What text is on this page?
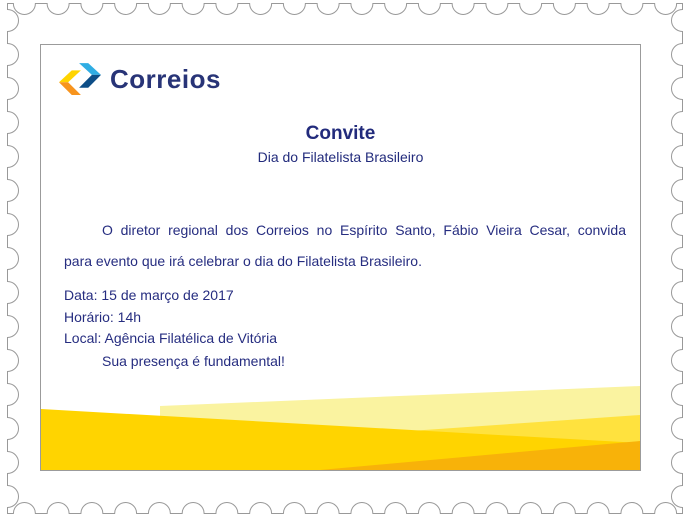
Correios
Convite
Dia do Filatelista Brasileiro
O diretor regional dos Correios no Espírito Santo, Fábio Vieira Cesar, convida
para evento que irá celebrar o dia do Filatelista Brasileiro.
Data: 15 de março de 2017
Horário: 14h
Local: Agência Filatélica de Vitória
Sua presença é fundamental!
